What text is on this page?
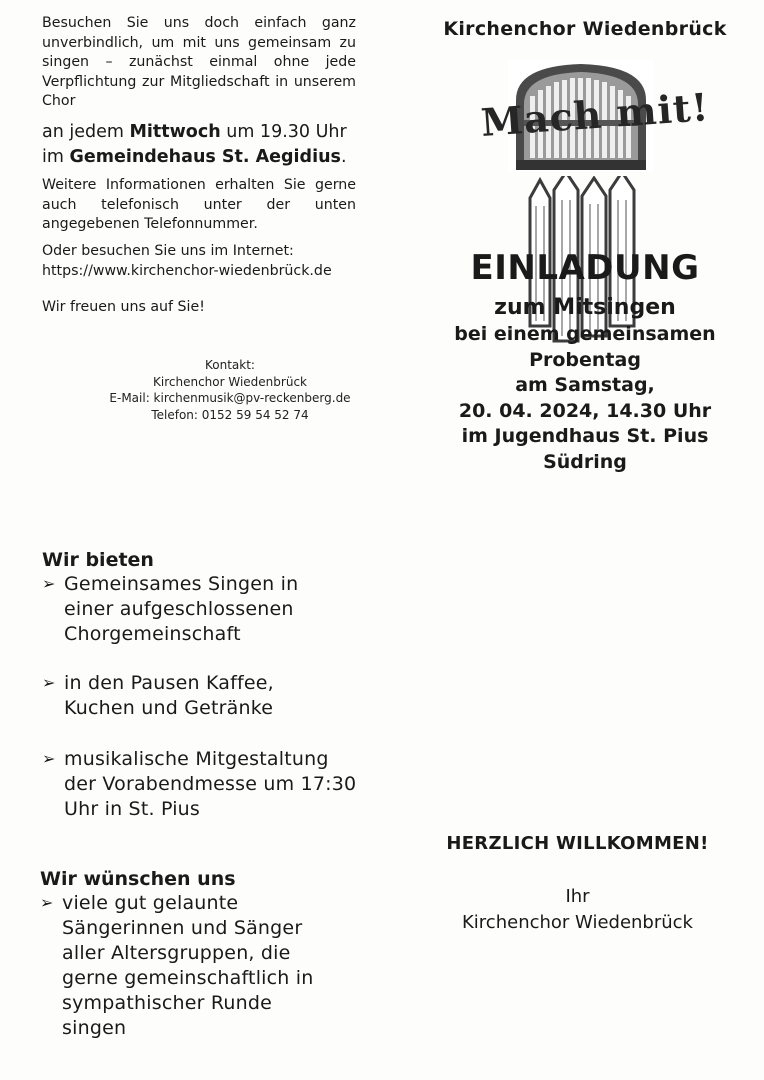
Besuchen Sie uns doch einfach ganz unverbindlich, um mit uns gemeinsam zu singen – zunächst einmal ohne jede Verpflichtung zur Mitgliedschaft in unserem Chor
an jedem Mittwoch um 19.30 Uhr
im Gemeindehaus St. Aegidius.
Weitere Informationen erhalten Sie gerne auch telefonisch unter der unten angegebenen Telefonnummer.
Oder besuchen Sie uns im Internet:
https://www.kirchenchor-wiedenbrück.de
Wir freuen uns auf Sie!
Kontakt:
Kirchenchor Wiedenbrück
E-Mail: kirchenmusik@pv-reckenberg.de
Telefon: 0152 59 54 52 74
Wir bieten
➢ Gemeinsames Singen in einer aufgeschlossenen Chorgemeinschaft
➢ in den Pausen Kaffee, Kuchen und Getränke
➢ musikalische Mitgestaltung der Vorabendmesse um 17:30 Uhr in St. Pius
Wir wünschen uns
➢ viele gut gelaunte Sängerinnen und Sänger aller Altersgruppen, die gerne gemeinschaftlich in sympathischer Runde singen
Kirchenchor Wiedenbrück
Mach mit!
EINLADUNG
zum Mitsingen
bei einem gemeinsamen
Probentag
am Samstag,
20. 04. 2024, 14.30 Uhr
im Jugendhaus St. Pius
Südring
HERZLICH WILLKOMMEN!
Ihr
Kirchenchor Wiedenbrück
